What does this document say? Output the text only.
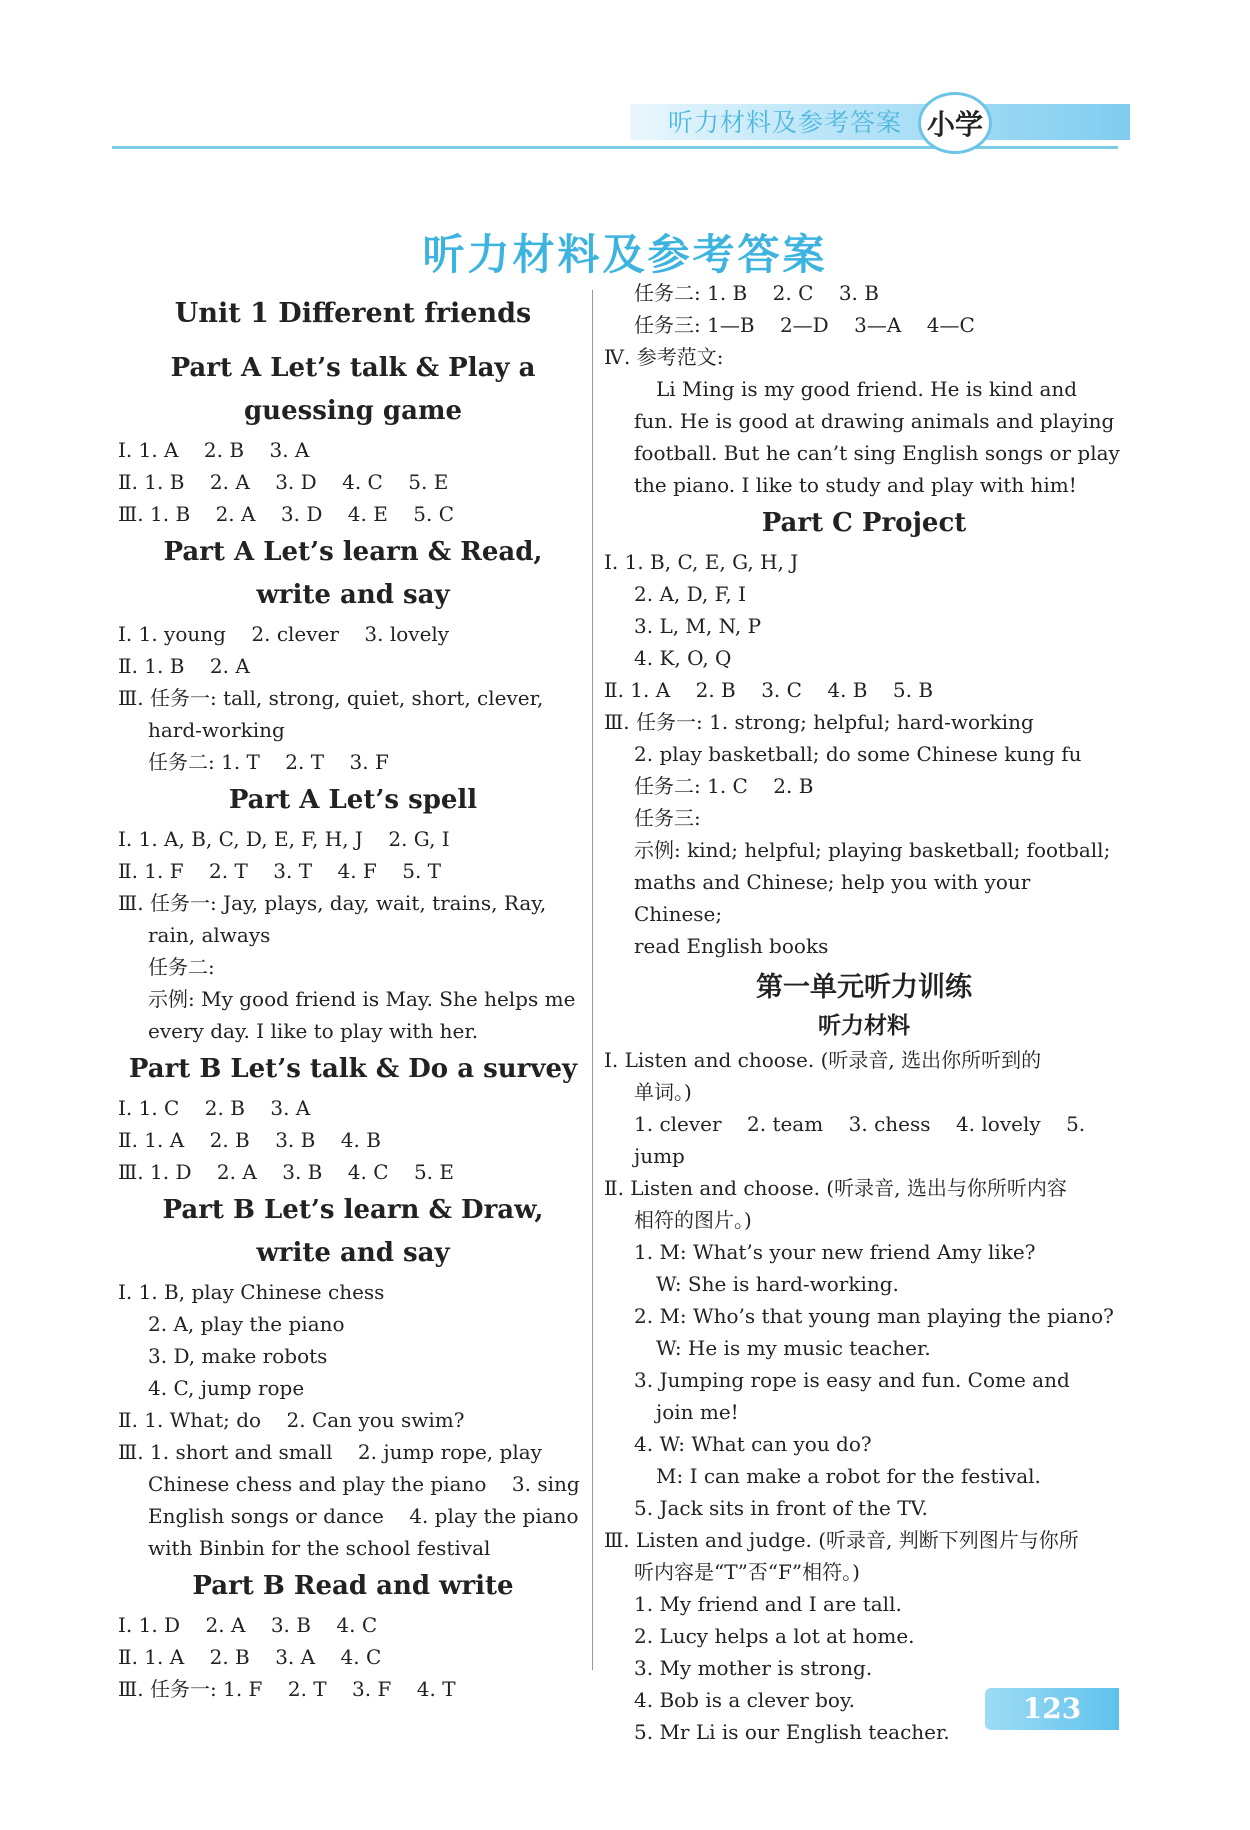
听力材料及参考答案 小学
听力材料及参考答案
Unit 1 Different friends
Part A Let’s talk & Play a
guessing game
Ⅰ. 1. A    2. B    3. A
Ⅱ. 1. B    2. A    3. D    4. C    5. E
Ⅲ. 1. B    2. A    3. D    4. E    5. C
Part A Let’s learn & Read,
write and say
Ⅰ. 1. young    2. clever    3. lovely
Ⅱ. 1. B    2. A
Ⅲ. 任务一: tall, strong, quiet, short, clever,
hard-working
任务二: 1. T    2. T    3. F
Part A Let’s spell
Ⅰ. 1. A, B, C, D, E, F, H, J    2. G, I
Ⅱ. 1. F    2. T    3. T    4. F    5. T
Ⅲ. 任务一: Jay, plays, day, wait, trains, Ray,
rain, always
任务二:
示例: My good friend is May. She helps me
every day. I like to play with her.
Part B Let’s talk & Do a survey
Ⅰ. 1. C    2. B    3. A
Ⅱ. 1. A    2. B    3. B    4. B
Ⅲ. 1. D    2. A    3. B    4. C    5. E
Part B Let’s learn & Draw,
write and say
Ⅰ. 1. B, play Chinese chess
2. A, play the piano
3. D, make robots
4. C, jump rope
Ⅱ. 1. What; do    2. Can you swim?
Ⅲ. 1. short and small    2. jump rope, play
Chinese chess and play the piano    3. sing
English songs or dance    4. play the piano
with Binbin for the school festival
Part B Read and write
Ⅰ. 1. D    2. A    3. B    4. C
Ⅱ. 1. A    2. B    3. A    4. C
Ⅲ. 任务一: 1. F    2. T    3. F    4. T
任务二: 1. B    2. C    3. B
任务三: 1—B    2—D    3—A    4—C
Ⅳ. 参考范文:
Li Ming is my good friend. He is kind and
fun. He is good at drawing animals and playing
football. But he can’t sing English songs or play
the piano. I like to study and play with him!
Part C Project
Ⅰ. 1. B, C, E, G, H, J
2. A, D, F, I
3. L, M, N, P
4. K, O, Q
Ⅱ. 1. A    2. B    3. C    4. B    5. B
Ⅲ. 任务一: 1. strong; helpful; hard-working
2. play basketball; do some Chinese kung fu
任务二: 1. C    2. B
任务三:
示例: kind; helpful; playing basketball; football;
maths and Chinese; help you with your Chinese;
read English books
第一单元听力训练
听力材料
Ⅰ. Listen and choose. (听录音, 选出你所听到的
单词。)
1. clever    2. team    3. chess    4. lovely    5. jump
Ⅱ. Listen and choose. (听录音, 选出与你所听内容
相符的图片。)
1. M: What’s your new friend Amy like?
W: She is hard-working.
2. M: Who’s that young man playing the piano?
W: He is my music teacher.
3. Jumping rope is easy and fun. Come and
join me!
4. W: What can you do?
M: I can make a robot for the festival.
5. Jack sits in front of the TV.
Ⅲ. Listen and judge. (听录音, 判断下列图片与你所
听内容是“T”否“F”相符。)
1. My friend and I are tall.
2. Lucy helps a lot at home.
3. My mother is strong.
4. Bob is a clever boy.
5. Mr Li is our English teacher.
123
